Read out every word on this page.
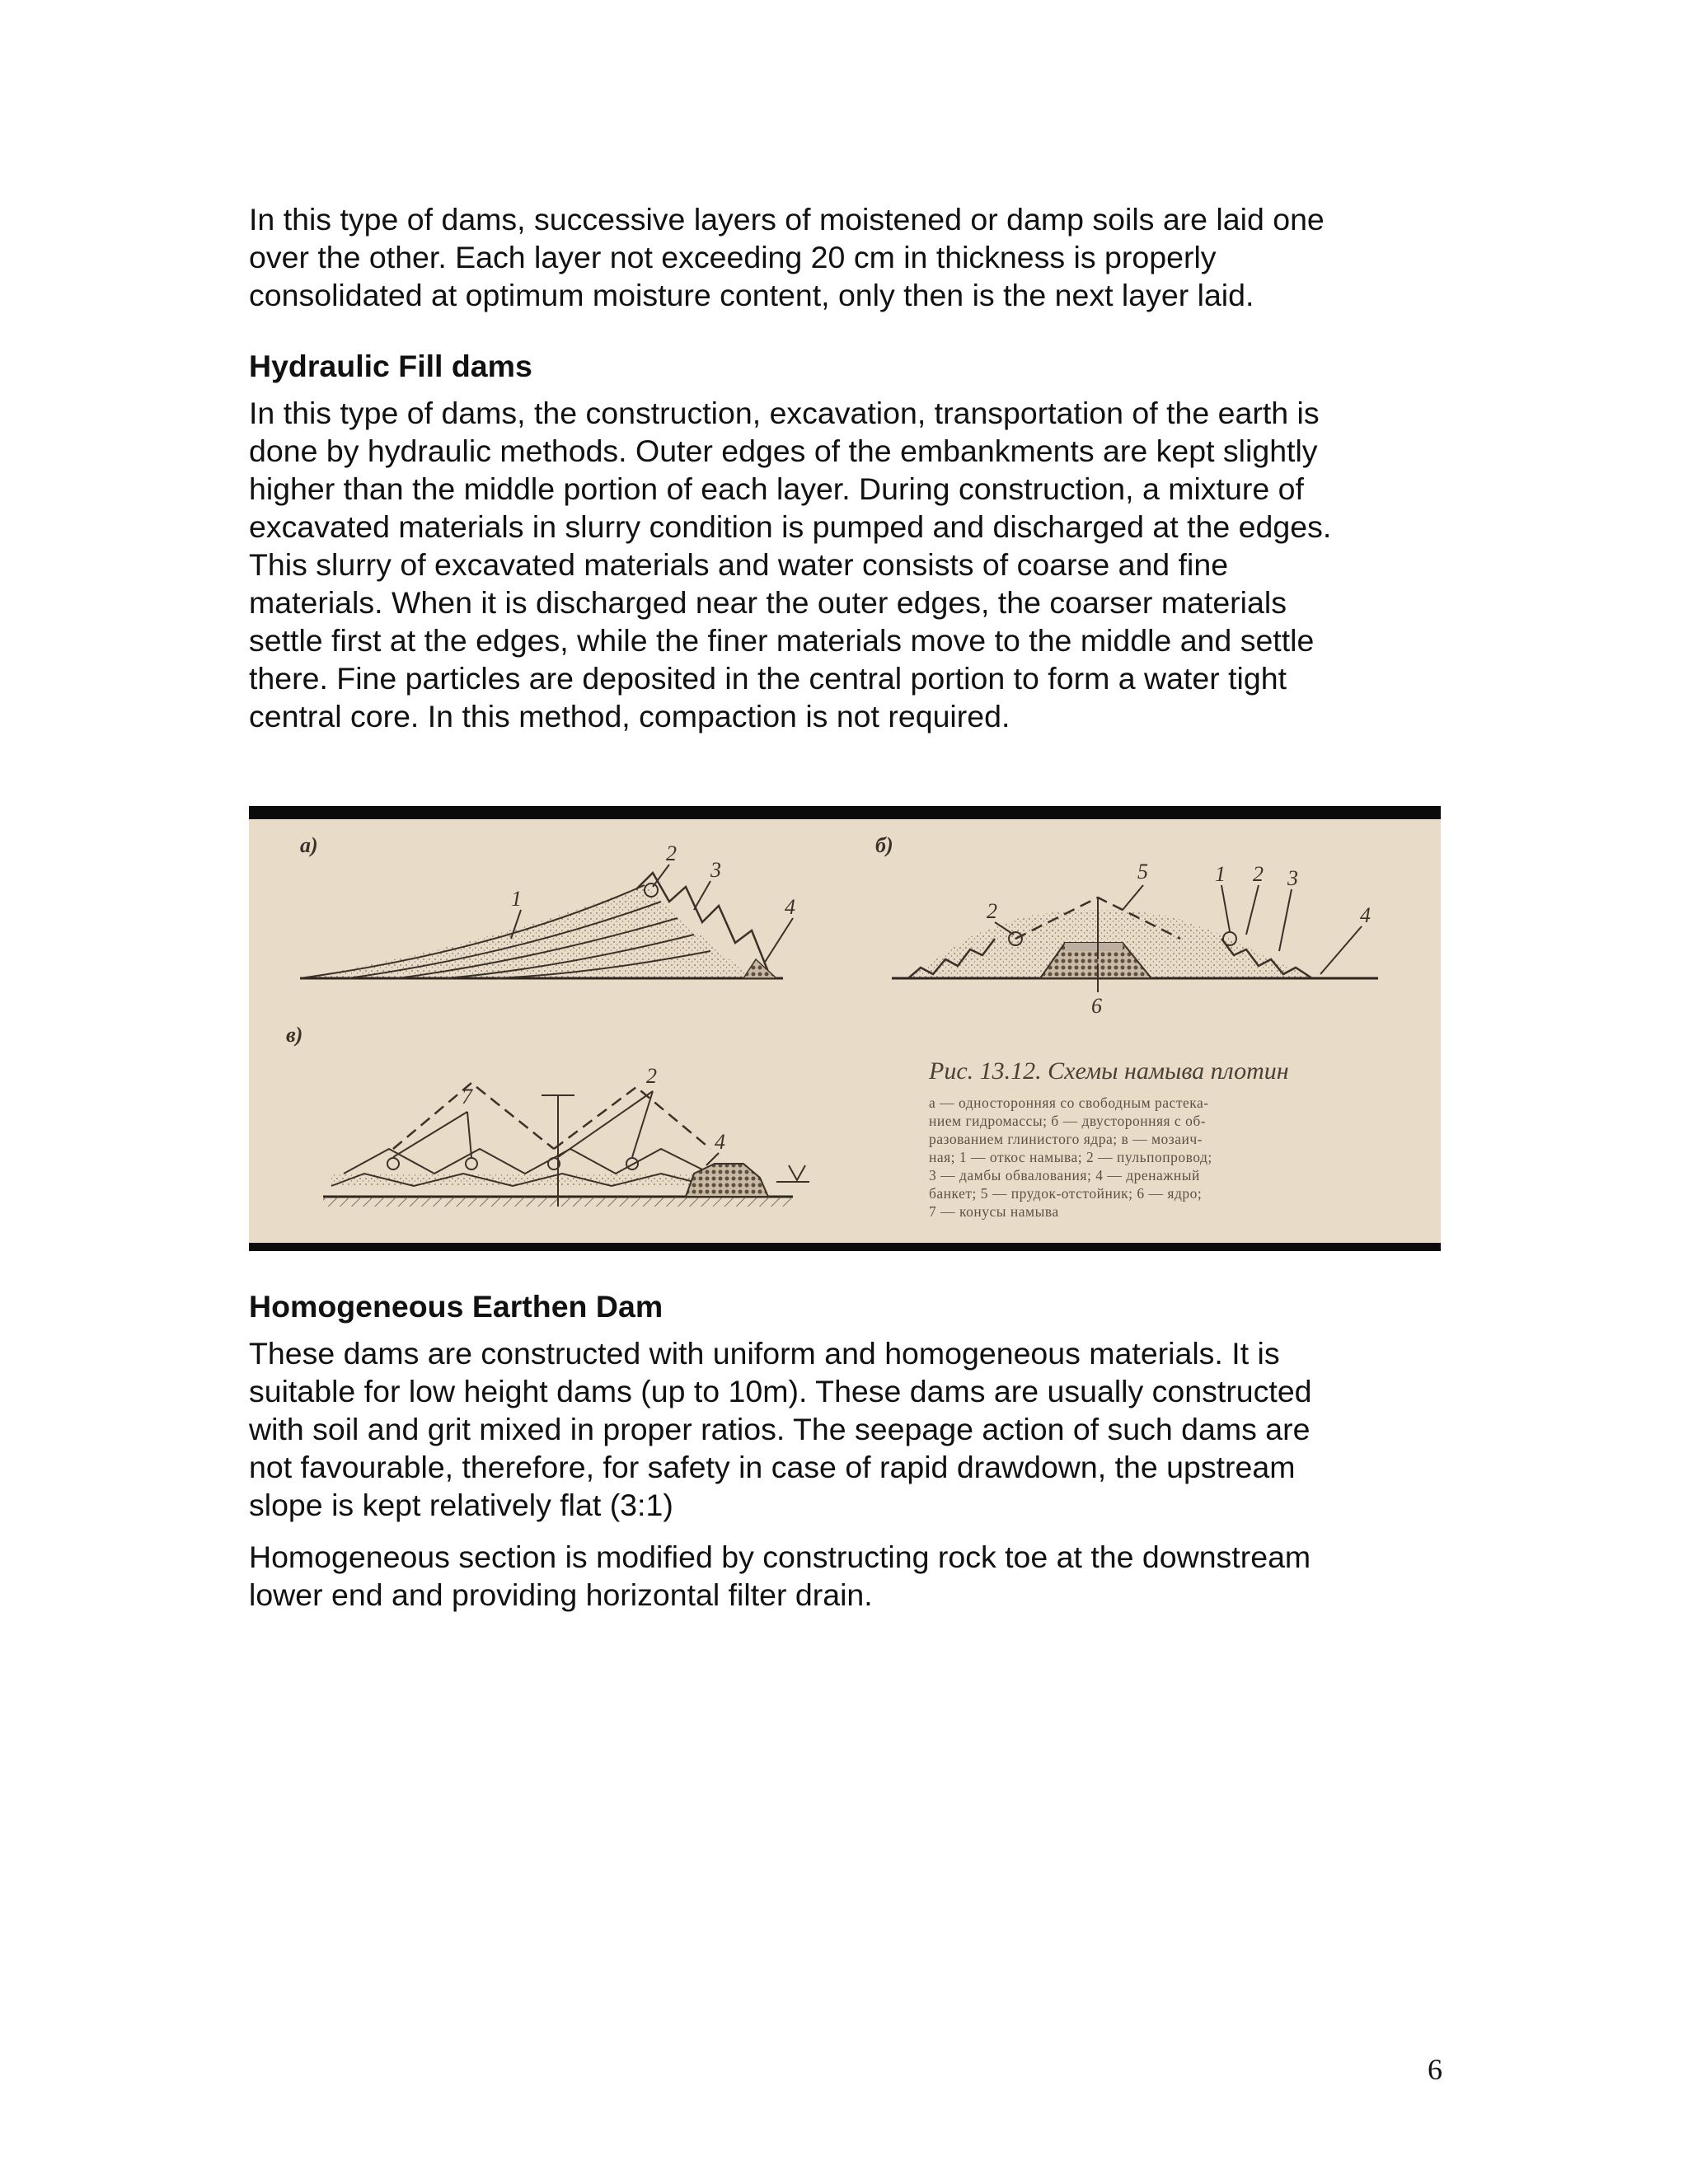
In this type of dams, successive layers of moistened or damp soils are laid one
over the other. Each layer not exceeding 20 cm in thickness is properly
consolidated at optimum moisture content, only then is the next layer laid.

Hydraulic Fill dams

In this type of dams, the construction, excavation, transportation of the earth is
done by hydraulic methods. Outer edges of the embankments are kept slightly
higher than the middle portion of each layer. During construction, a mixture of
excavated materials in slurry condition is pumped and discharged at the edges.
This slurry of excavated materials and water consists of coarse and fine
materials. When it is discharged near the outer edges, the coarser materials
settle first at the edges, while the finer materials move to the middle and settle
there. Fine particles are deposited in the central portion to form a water tight
central core. In this method, compaction is not required.

а)
1
2
3
4
б)
2
5	1 2 3
4
6
в)
7
2
4
Рис. 13.12. Схемы намыва плотин
а — односторонняя со свободным растека-
нием гидромассы; б — двусторонняя с об-
разованием глинистого ядра; в — мозаич-
ная; 1 — откос намыва; 2 — пульпопровод;
3 — дамбы обвалования; 4 — дренажный
банкет; 5 — прудок-отстойник; 6 — ядро;
7 — конусы намыва
Homogeneous Earthen Dam

These dams are constructed with uniform and homogeneous materials. It is
suitable for low height dams (up to 10m). These dams are usually constructed
with soil and grit mixed in proper ratios. The seepage action of such dams are
not favourable, therefore, for safety in case of rapid drawdown, the upstream
slope is kept relatively flat (3:1)

Homogeneous section is modified by constructing rock toe at the downstream
lower end and providing horizontal filter drain.

6
